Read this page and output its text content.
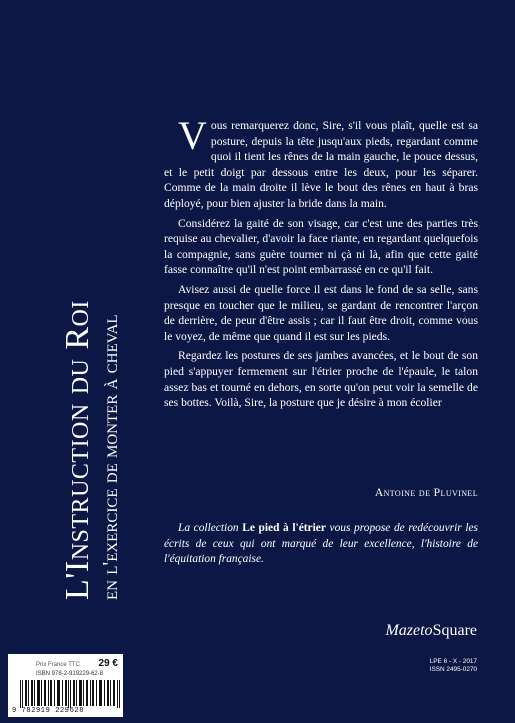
L'Instruction du Roi en l'exercice de monter à cheval

Vous remarquerez donc, Sire, s'il vous plaît, quelle est sa posture, depuis la tête jusqu'aux pieds, regardant comme quoi il tient les rênes de la main gauche, le pouce dessus, et le petit doigt par dessous entre les deux, pour les séparer. Comme de la main droite il lève le bout des rênes en haut à bras déployé, pour bien ajuster la bride dans la main.

Considérez la gaité de son visage, car c'est une des parties très requise au chevalier, d'avoir la face riante, en regardant quelquefois la compagnie, sans guère tourner ni çà ni là, afin que cette gaité fasse connaître qu'il n'est point embarrassé en ce qu'il fait.

Avisez aussi de quelle force il est dans le fond de sa selle, sans presque en toucher que le milieu, se gardant de rencontrer l'arçon de derrière, de peur d'être assis ; car il faut être droit, comme vous le voyez, de même que quand il est sur les pieds.

Regardez les postures de ses jambes avancées, et le bout de son pied s'appuyer fermement sur l'étrier proche de l'épaule, le talon assez bas et tourné en dehors, en sorte qu'on peut voir la semelle de ses bottes. Voilà, Sire, la posture que je désire à mon écolier

Antoine de Pluvinel
La collection Le pied à l'étrier vous propose de redécouvrir les écrits de ceux qui ont marqué de leur excellence, l'histoire de l'équitation française.
MazetoSquare
LPE 6 - X - 2017
ISSN 2495-0270
Prix France TTC 29 €
ISBN 978-2-919229-62-8
9 782919 229628
